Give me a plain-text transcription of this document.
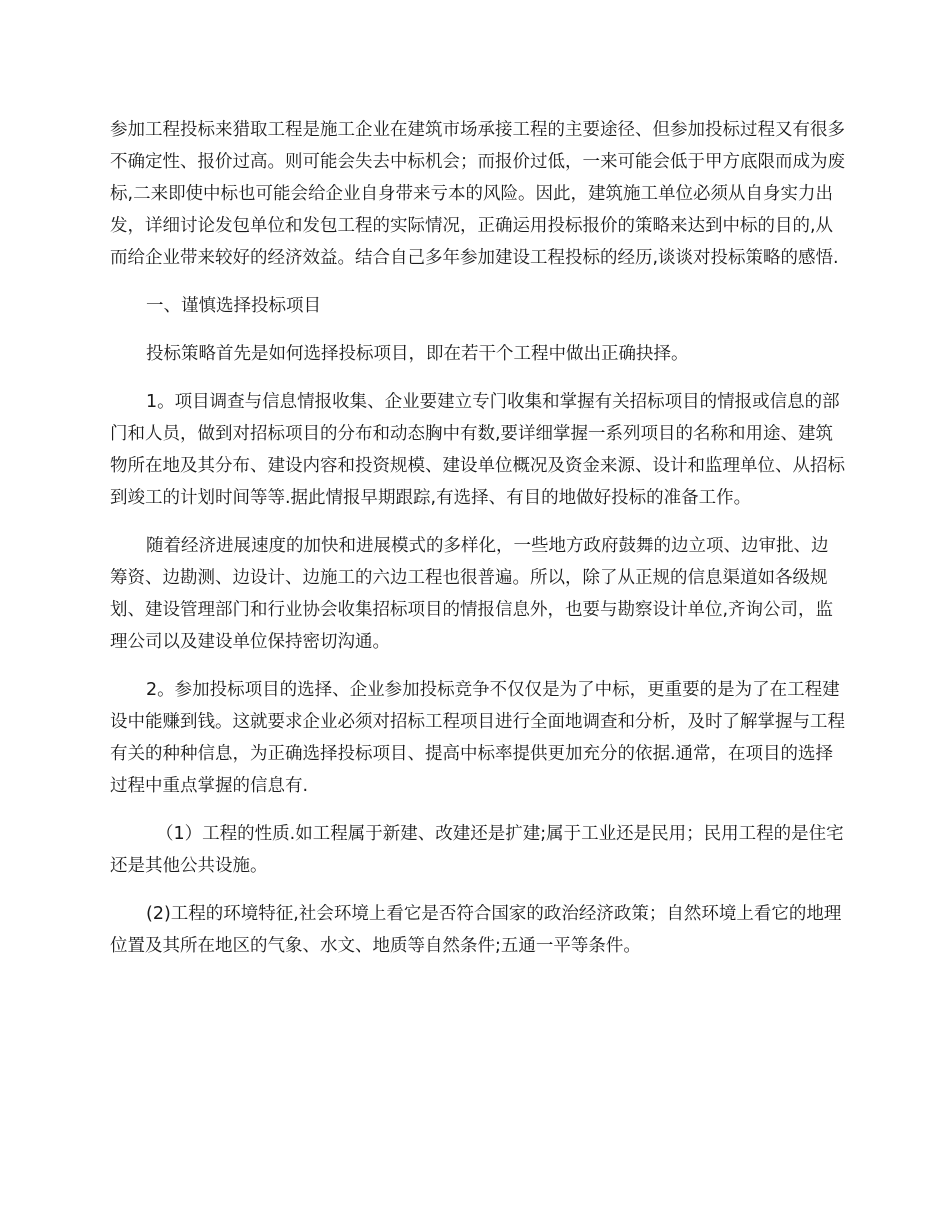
参加工程投标来猎取工程是施工企业在建筑市场承接工程的主要途径、但参加投标过程又有很多不确定性、报价过高。则可能会失去中标机会；而报价过低，一来可能会低于甲方底限而成为废标,二来即使中标也可能会给企业自身带来亏本的风险。因此，建筑施工单位必须从自身实力出发，详细讨论发包单位和发包工程的实际情况，正确运用投标报价的策略来达到中标的目的,从而给企业带来较好的经济效益。结合自己多年参加建设工程投标的经历,谈谈对投标策略的感悟.

一、谨慎选择投标项目

投标策略首先是如何选择投标项目，即在若干个工程中做出正确抉择。

1。项目调查与信息情报收集、企业要建立专门收集和掌握有关招标项目的情报或信息的部门和人员，做到对招标项目的分布和动态胸中有数,要详细掌握一系列项目的名称和用途、建筑物所在地及其分布、建设内容和投资规模、建设单位概况及资金来源、设计和监理单位、从招标到竣工的计划时间等等.据此情报早期跟踪,有选择、有目的地做好投标的准备工作。

随着经济进展速度的加快和进展模式的多样化，一些地方政府鼓舞的边立项、边审批、边筹资、边勘测、边设计、边施工的六边工程也很普遍。所以，除了从正规的信息渠道如各级规划、建设管理部门和行业协会收集招标项目的情报信息外，也要与勘察设计单位,齐询公司，监理公司以及建设单位保持密切沟通。

2。参加投标项目的选择、企业参加投标竞争不仅仅是为了中标，更重要的是为了在工程建设中能赚到钱。这就要求企业必须对招标工程项目进行全面地调查和分析，及时了解掌握与工程有关的种种信息，为正确选择投标项目、提高中标率提供更加充分的依据.通常，在项目的选择过程中重点掌握的信息有.

（1）工程的性质.如工程属于新建、改建还是扩建;属于工业还是民用；民用工程的是住宅还是其他公共设施。

(2)工程的环境特征,社会环境上看它是否符合国家的政治经济政策；自然环境上看它的地理位置及其所在地区的气象、水文、地质等自然条件;五通一平等条件。
